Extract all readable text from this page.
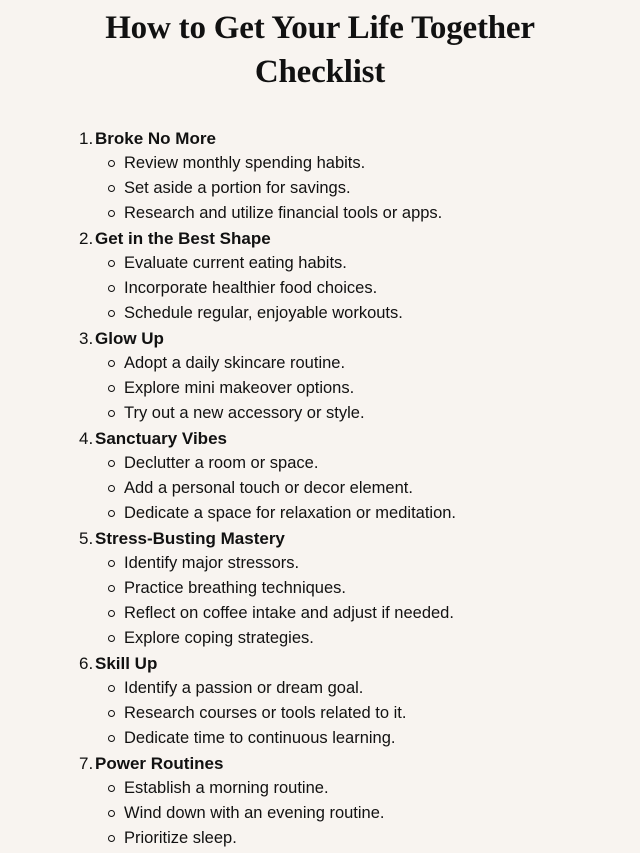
How to Get Your Life Together
Checklist
1. Broke No More
Review monthly spending habits.
Set aside a portion for savings.
Research and utilize financial tools or apps.
2. Get in the Best Shape
Evaluate current eating habits.
Incorporate healthier food choices.
Schedule regular, enjoyable workouts.
3. Glow Up
Adopt a daily skincare routine.
Explore mini makeover options.
Try out a new accessory or style.
4. Sanctuary Vibes
Declutter a room or space.
Add a personal touch or decor element.
Dedicate a space for relaxation or meditation.
5. Stress-Busting Mastery
Identify major stressors.
Practice breathing techniques.
Reflect on coffee intake and adjust if needed.
Explore coping strategies.
6. Skill Up
Identify a passion or dream goal.
Research courses or tools related to it.
Dedicate time to continuous learning.
7. Power Routines
Establish a morning routine.
Wind down with an evening routine.
Prioritize sleep.
